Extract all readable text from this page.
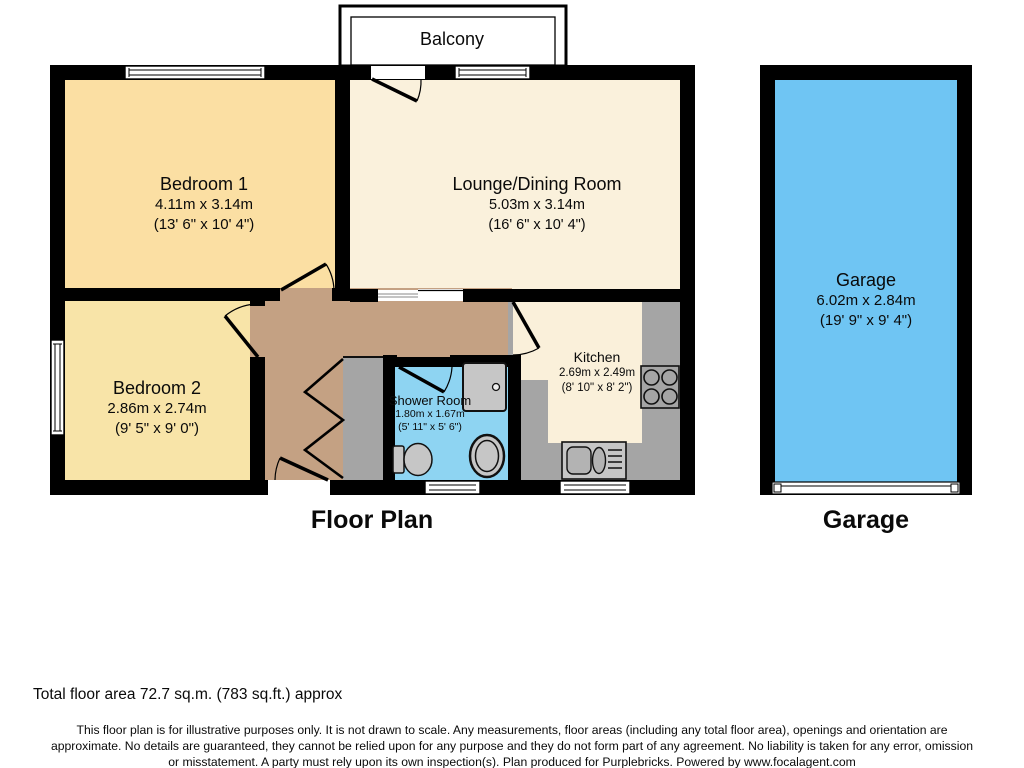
Balcony
Bedroom 1
4.11m x 3.14m
(13' 6" x 10' 4")
Lounge/Dining Room
5.03m x 3.14m
(16' 6" x 10' 4")
Bedroom 2
2.86m x 2.74m
(9' 5" x 9' 0")
Kitchen
2.69m x 2.49m
(8' 10" x 8' 2")
Shower Room
1.80m x 1.67m
(5' 11" x 5' 6")
Garage
6.02m x 2.84m
(19' 9" x 9' 4")
Floor Plan	Garage
Total floor area 72.7 sq.m. (783 sq.ft.) approx
This floor plan is for illustrative purposes only. It is not drawn to scale. Any measurements, floor areas (including any total floor area), openings and orientation are
approximate. No details are guaranteed, they cannot be relied upon for any purpose and they do not form part of any agreement. No liability is taken for any error, omission
or misstatement. A party must rely upon its own inspection(s). Plan produced for Purplebricks. Powered by www.focalagent.com
